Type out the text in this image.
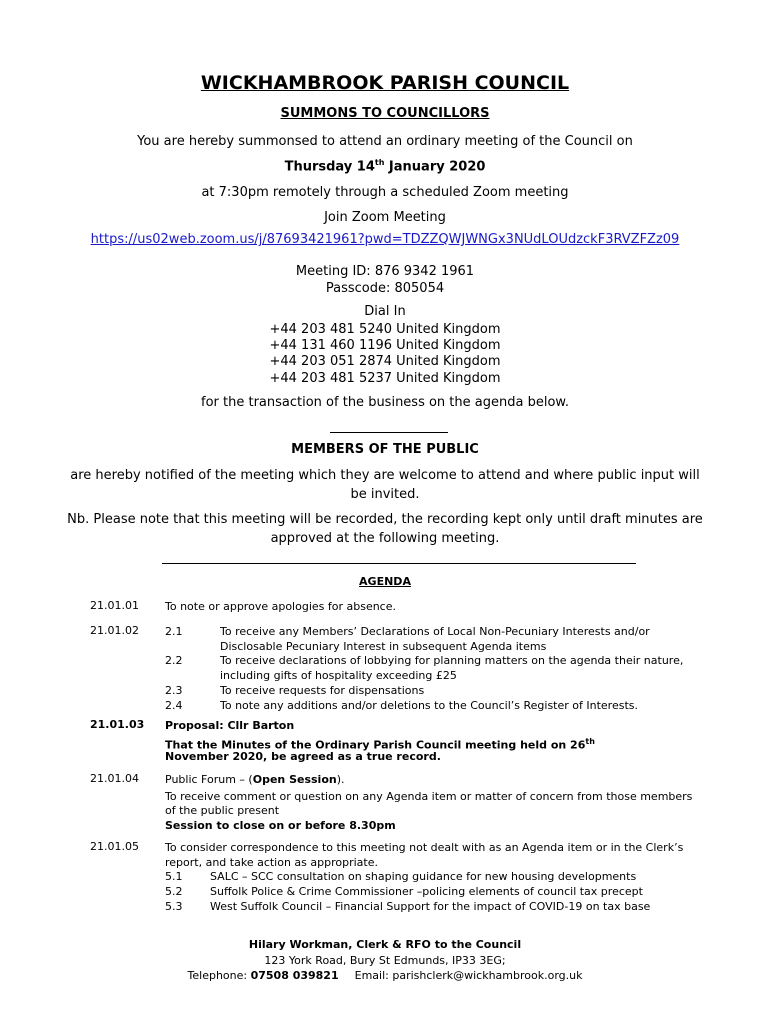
WICKHAMBROOK PARISH COUNCIL
SUMMONS TO COUNCILLORS
You are hereby summonsed to attend an ordinary meeting of the Council on
Thursday 14th January 2020
at 7:30pm remotely through a scheduled Zoom meeting
Join Zoom Meeting
https://us02web.zoom.us/j/87693421961?pwd=TDZZQWJWNGx3NUdLOUdzckF3RVZFZz09
Meeting ID: 876 9342 1961
Passcode: 805054
Dial In
+44 203 481 5240 United Kingdom
+44 131 460 1196 United Kingdom
+44 203 051 2874 United Kingdom
+44 203 481 5237 United Kingdom
for the transaction of the business on the agenda below.
MEMBERS OF THE PUBLIC
are hereby notified of the meeting which they are welcome to attend and where public input will
be invited.
Nb. Please note that this meeting will be recorded, the recording kept only until draft minutes are
approved at the following meeting.
AGENDA
21.01.01 To note or approve apologies for absence.
21.01.02 2.1	To receive any Members’ Declarations of Local Non-Pecuniary Interests and/or
Disclosable Pecuniary Interest in subsequent Agenda items
2.2	To receive declarations of lobbying for planning matters on the agenda their nature,
including gifts of hospitality exceeding £25
2.3	To receive requests for dispensations
2.4	To note any additions and/or deletions to the Council’s Register of Interests.
21.01.03 Proposal: Cllr Barton
That the Minutes of the Ordinary Parish Council meeting held on 26th
November 2020, be agreed as a true record.
21.01.04 Public Forum – (Open Session).
To receive comment or question on any Agenda item or matter of concern from those members
of the public present
Session to close on or before 8.30pm
21.01.05 To consider correspondence to this meeting not dealt with as an Agenda item or in the Clerk’s
report, and take action as appropriate.
5.1	SALC – SCC consultation on shaping guidance for new housing developments
5.2	Suffolk Police & Crime Commissioner –policing elements of council tax precept
5.3	West Suffolk Council – Financial Support for the impact of COVID-19 on tax base
Hilary Workman, Clerk & RFO to the Council
123 York Road, Bury St Edmunds, IP33 3EG;
Telephone: 07508 039821 Email: parishclerk@wickhambrook.org.uk
